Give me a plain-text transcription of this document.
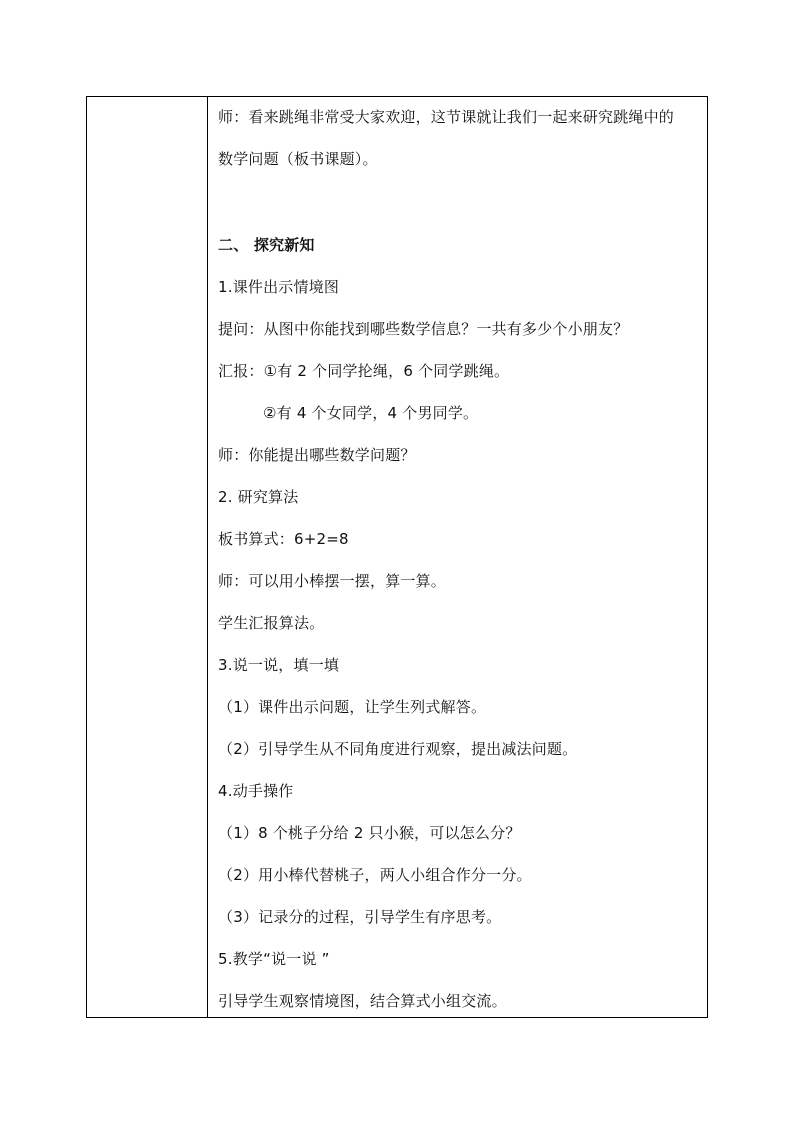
师：看来跳绳非常受大家欢迎，这节课就让我们一起来研究跳绳中的
数学问题（板书课题）。
二、 探究新知
1.课件出示情境图
提问：从图中你能找到哪些数学信息？一共有多少个小朋友？
汇报：①有 2 个同学抡绳，6 个同学跳绳。
②有 4 个女同学，4 个男同学。
师：你能提出哪些数学问题？
2. 研究算法
板书算式：6+2=8
师：可以用小棒摆一摆，算一算。
学生汇报算法。
3.说一说，填一填
（1）课件出示问题，让学生列式解答。
（2）引导学生从不同角度进行观察，提出减法问题。
4.动手操作
（1）8 个桃子分给 2 只小猴，可以怎么分？
（2）用小棒代替桃子，两人小组合作分一分。
（3）记录分的过程，引导学生有序思考。
5.教学“说一说 ”
引导学生观察情境图，结合算式小组交流。
